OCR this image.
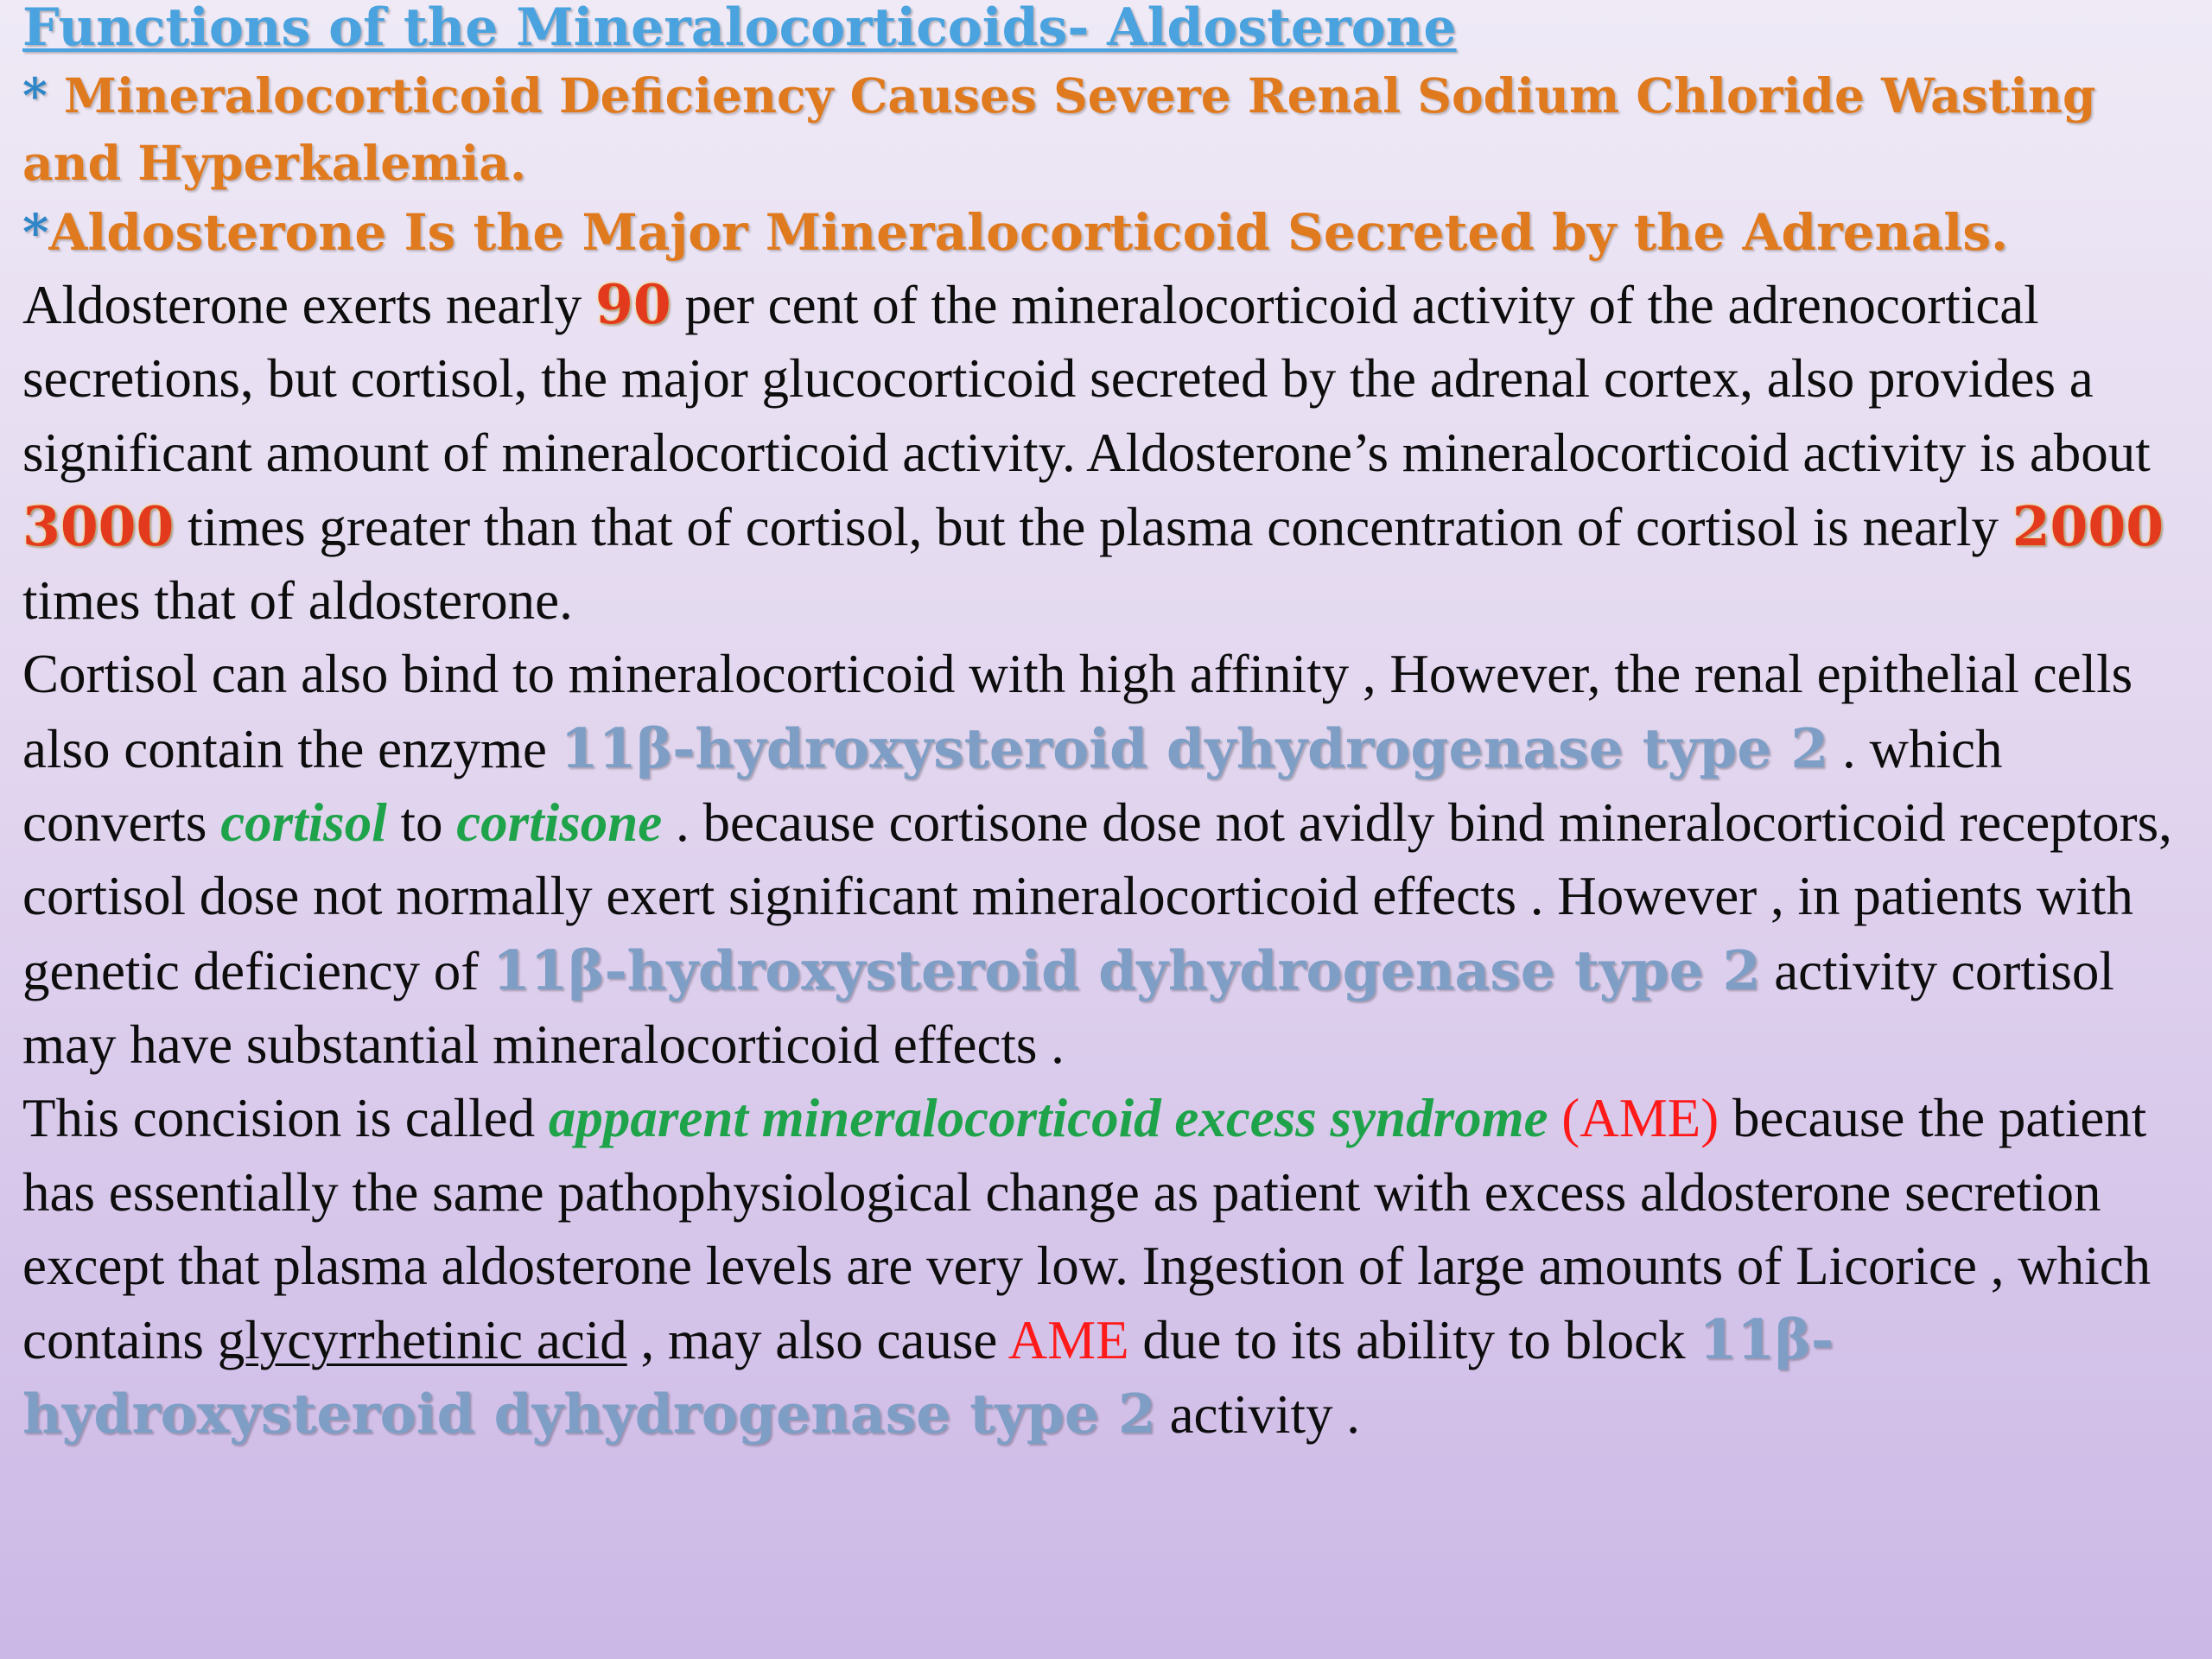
Functions of the Mineralocorticoids- Aldosterone

* Mineralocorticoid Deficiency Causes Severe Renal Sodium Chloride Wasting and Hyperkalemia.

*Aldosterone Is the Major Mineralocorticoid Secreted by the Adrenals.

Aldosterone exerts nearly 90 per cent of the mineralocorticoid activity of the adrenocortical secretions, but cortisol, the major glucocorticoid secreted by the adrenal cortex, also provides a significant amount of mineralocorticoid activity. Aldosterone’s mineralocorticoid activity is about 3000 times greater than that of cortisol, but the plasma concentration of cortisol is nearly 2000 times that of aldosterone.

Cortisol can also bind to mineralocorticoid with high affinity , However, the renal epithelial cells also contain the enzyme 11β-hydroxysteroid dyhydrogenase type 2 . which converts cortisol to cortisone . because cortisone dose not avidly bind mineralocorticoid receptors, cortisol dose not normally exert significant mineralocorticoid effects . However , in patients with genetic deficiency of 11β-hydroxysteroid dyhydrogenase type 2 activity cortisol may have substantial mineralocorticoid effects .

This concision is called apparent mineralocorticoid excess syndrome (AME) because the patient has essentially the same pathophysiological change as patient with excess aldosterone secretion except that plasma aldosterone levels are very low. Ingestion of large amounts of Licorice , which contains glycyrrhetinic acid , may also cause AME due to its ability to block 11β-hydroxysteroid dyhydrogenase type 2 activity .
